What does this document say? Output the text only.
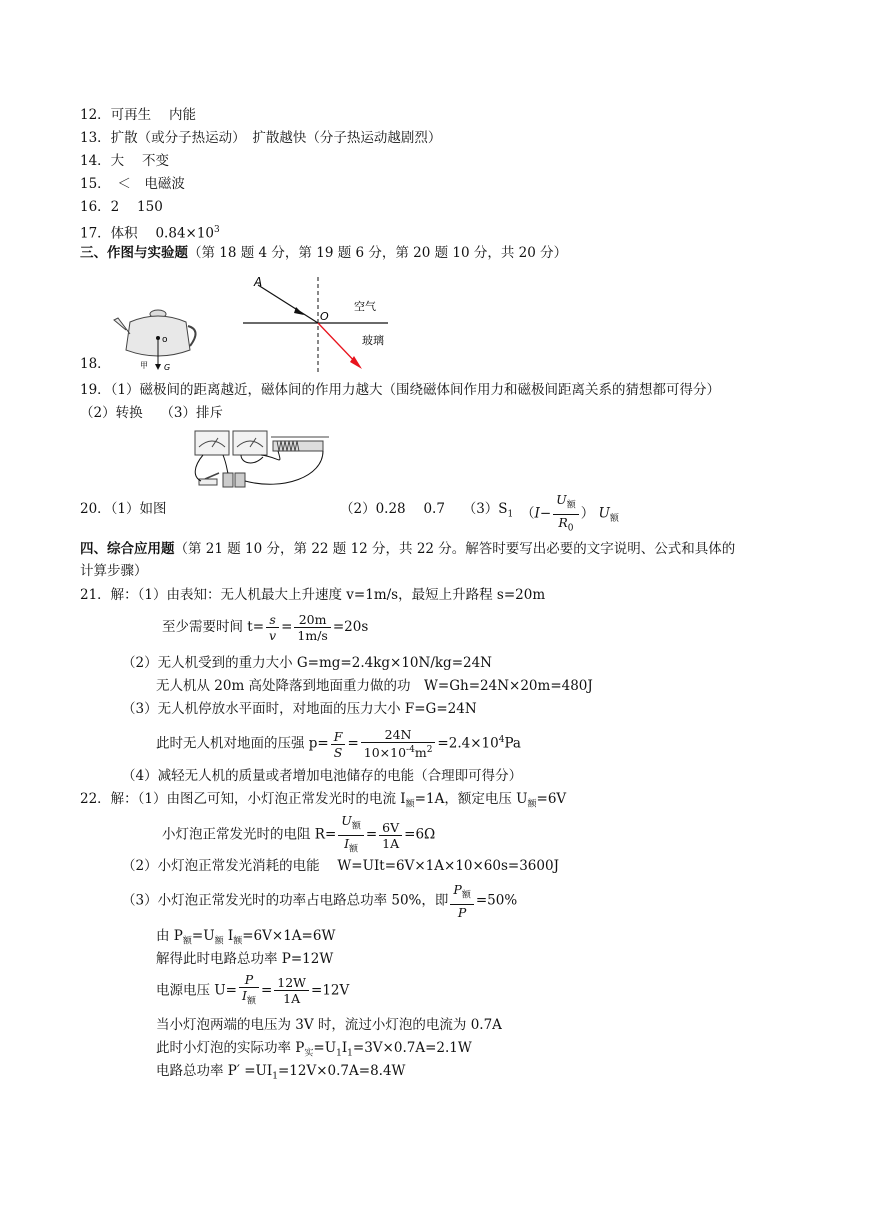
12．可再生　 内能
13．扩散（或分子热运动）　扩散越快（分子热运动越剧烈）
14．大　 不变
15．　＜　电磁波
16．2　 150
17．体积　 $0.84\times 10^3$
三、作图与实验题（第 18 题 4 分，第 19 题 6 分，第 20 题 10 分，共 20 分）
18．
o
G
甲
A
O
空气
玻璃
19．（1）磁极间的距离越近，磁体间的作用力越大（围绕磁体间作用力和磁极间距离关系的猜想都可得分）
（2）转换　 （3）排斥
20．（1）如图	（2）0.28　 0.7　 $(3)S_1$ （$I- \frac{U_额}{R_0}$ ） $U_额$
四、综合应用题（第 21 题 10 分，第 22 题 12 分，共 22 分。解答时要写出必要的文字说明、公式和具体的
计算步骤）
21．解：（1）由表知：无人机最大上升速度 v=1m/s，最短上升路程 s=20m
至少需要时间 $t= \frac{s}{v} = \frac{20m}{1m/s} =20s$
（2）无人机受到的重力大小 G=mg=2.4kg×10N/kg=24N
无人机从 20m 高处降落到地面重力做的功　W=Gh=24N×20m=480J
（3）无人机停放水平面时，对地面的压力大小 F=G=24N
此时无人机对地面的压强 $p= \frac{F}{S} = \frac{24N}{10\times 10^{-4}m^2} =2.4\times 10^4Pa$
（4）减轻无人机的质量或者增加电池储存的电能（合理即可得分）
22．解：（1）由图乙可知，小灯泡正常发光时的电流 $I_额=1A$，额定电压 $U_额=6V$
小灯泡正常发光时的电阻 $R= \frac{U_额}{I_额} = \frac{6V}{1A} =6\Omega$
（2）小灯泡正常发光消耗的电能　 W=UIt=6V×1A×10×60s=3600J
（3）小灯泡正常发光时的功率占电路总功率 50%，即 $\frac{P_额}{P} =50\%$
由 $P_额=U_额$ $I_额=6V\times 1A=6W$
解得此时电路总功率 P=12W
电源电压 $U= \frac{P}{I_额} = \frac{12W}{1A} =12V$
当小灯泡两端的电压为 3V 时，流过小灯泡的电流为 0.7A
此时小灯泡的实际功率 $P_实=U_1I_1=3V\times 0.7A=2.1W$
电路总功率 $P' =UI_1=12V\times 0.7A=8.4W$
